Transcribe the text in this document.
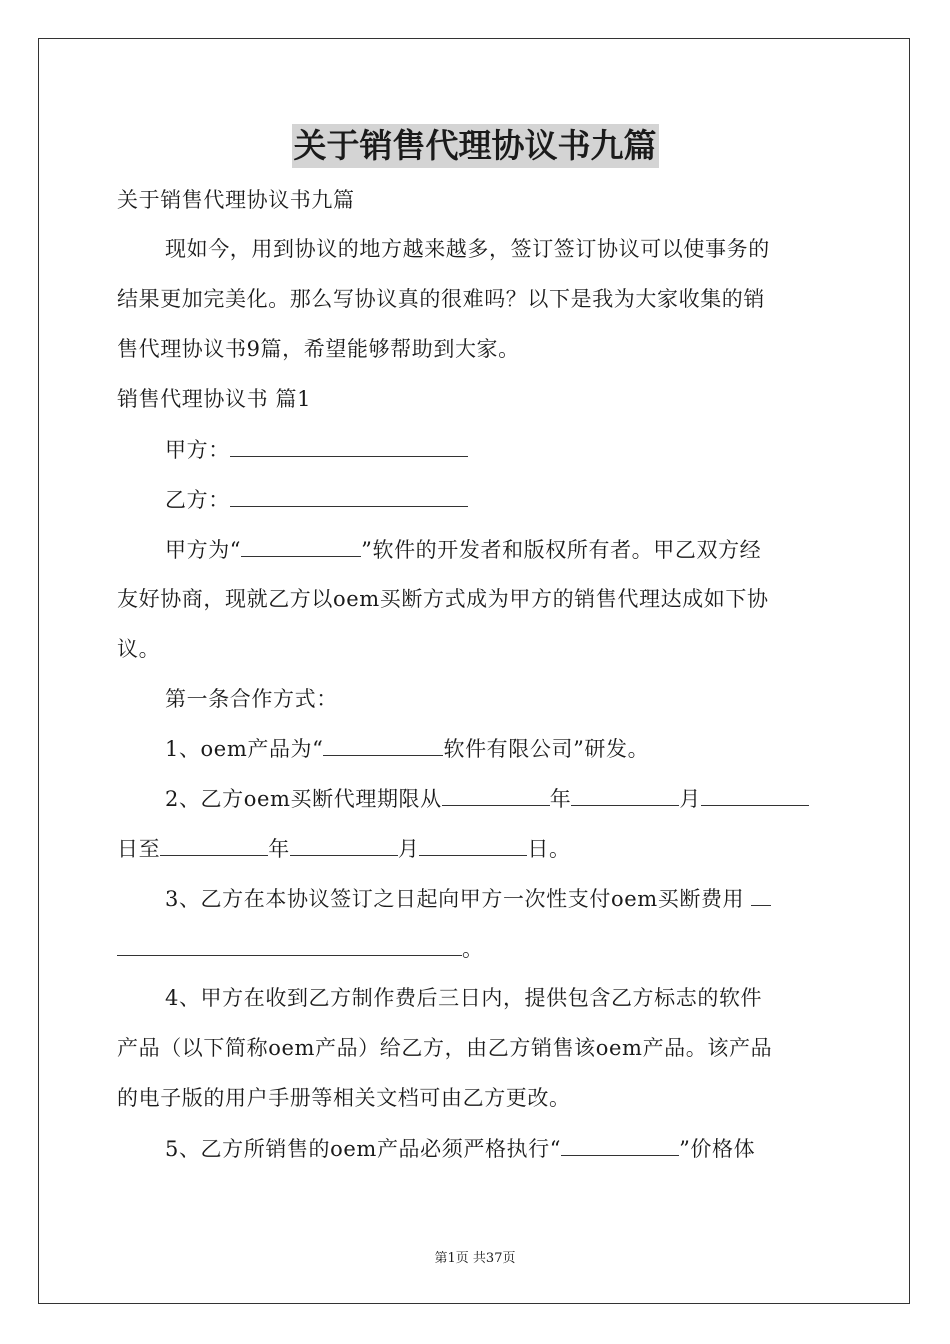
关于销售代理协议书九篇
关于销售代理协议书九篇
现如今，用到协议的地方越来越多，签订签订协议可以使事务的
结果更加完美化。那么写协议真的很难吗？以下是我为大家收集的销
售代理协议书9篇，希望能够帮助到大家。
销售代理协议书 篇1
甲方：
乙方：
甲方为“	”软件的开发者和版权所有者。甲乙双方经
友好协商，现就乙方以oem买断方式成为甲方的销售代理达成如下协
议。
第一条合作方式：
1、oem产品为“	软件有限公司”研发。
2、乙方oem买断代理期限从	年	月
日至	年	月	日。
3、乙方在本协议签订之日起向甲方一次性支付oem买断费用
。
4、甲方在收到乙方制作费后三日内，提供包含乙方标志的软件
产品（以下简称oem产品）给乙方，由乙方销售该oem产品。该产品
的电子版的用户手册等相关文档可由乙方更改。
5、乙方所销售的oem产品必须严格执行“	”价格体
第1页 共37页
